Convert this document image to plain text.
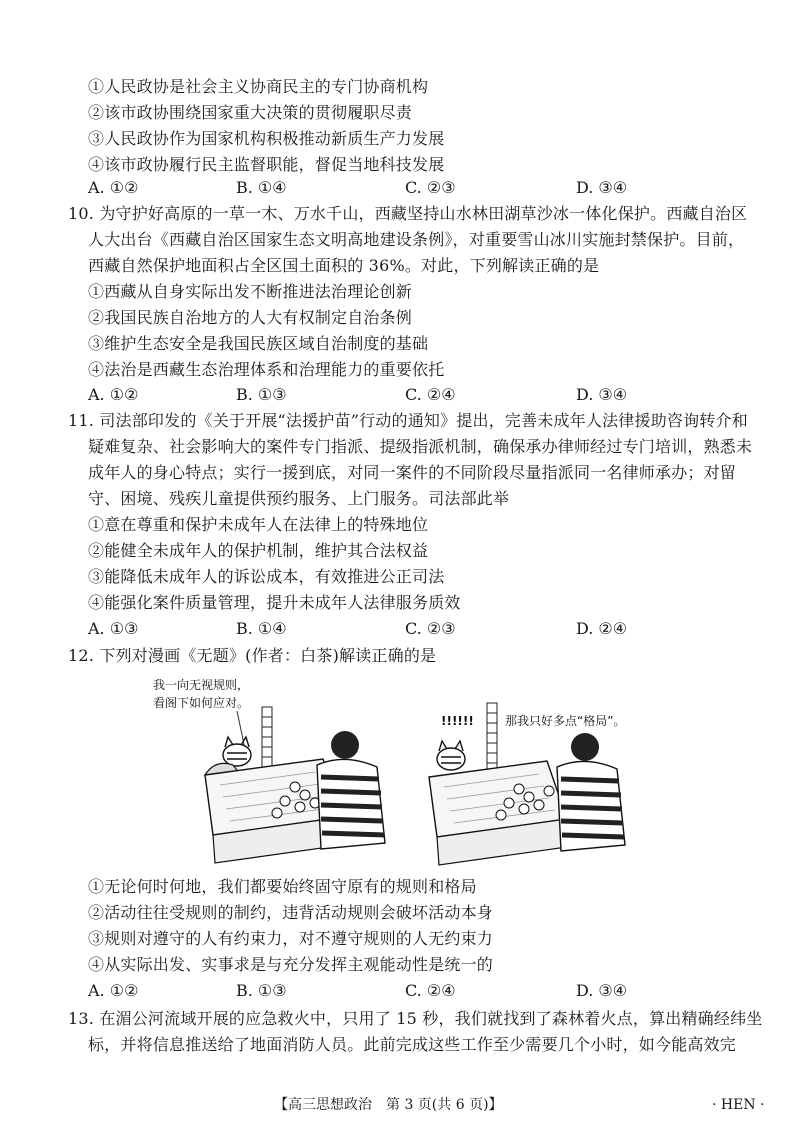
①人民政协是社会主义协商民主的专门协商机构
②该市政协围绕国家重大决策的贯彻履职尽责
③人民政协作为国家机构积极推动新质生产力发展
④该市政协履行民主监督职能，督促当地科技发展
A. ①②	B. ①④	C. ②③	D. ③④
10. 为守护好高原的一草一木、万水千山，西藏坚持山水林田湖草沙冰一体化保护。西藏自治区
人大出台《西藏自治区国家生态文明高地建设条例》，对重要雪山冰川实施封禁保护。目前，
西藏自然保护地面积占全区国土面积的 36%。对此，下列解读正确的是
①西藏从自身实际出发不断推进法治理论创新
②我国民族自治地方的人大有权制定自治条例
③维护生态安全是我国民族区域自治制度的基础
④法治是西藏生态治理体系和治理能力的重要依托
A. ①②	B. ①③	C. ②④	D. ③④
11. 司法部印发的《关于开展“法援护苗”行动的通知》提出，完善未成年人法律援助咨询转介和
疑难复杂、社会影响大的案件专门指派、提级指派机制，确保承办律师经过专门培训，熟悉未
成年人的身心特点；实行一援到底，对同一案件的不同阶段尽量指派同一名律师承办；对留
守、困境、残疾儿童提供预约服务、上门服务。司法部此举
①意在尊重和保护未成年人在法律上的特殊地位
②能健全未成年人的保护机制，维护其合法权益
③能降低未成年人的诉讼成本，有效推进公正司法
④能强化案件质量管理，提升未成年人法律服务质效
A. ①③	B. ①④	C. ②③	D. ②④
12. 下列对漫画《无题》(作者：白茶)解读正确的是
我一向无视规则，
看阁下如何应对。
!!!!!!	那我只好多点“格局”。
①无论何时何地，我们都要始终固守原有的规则和格局
②活动往往受规则的制约，违背活动规则会破坏活动本身
③规则对遵守的人有约束力，对不遵守规则的人无约束力
④从实际出发、实事求是与充分发挥主观能动性是统一的
A. ①②	B. ①③	C. ②④	D. ③④
13. 在湄公河流域开展的应急救火中，只用了 15 秒，我们就找到了森林着火点，算出精确经纬坐
标，并将信息推送给了地面消防人员。此前完成这些工作至少需要几个小时，如今能高效完
【高三思想政治　第 3 页(共 6 页)】	· HEN ·
